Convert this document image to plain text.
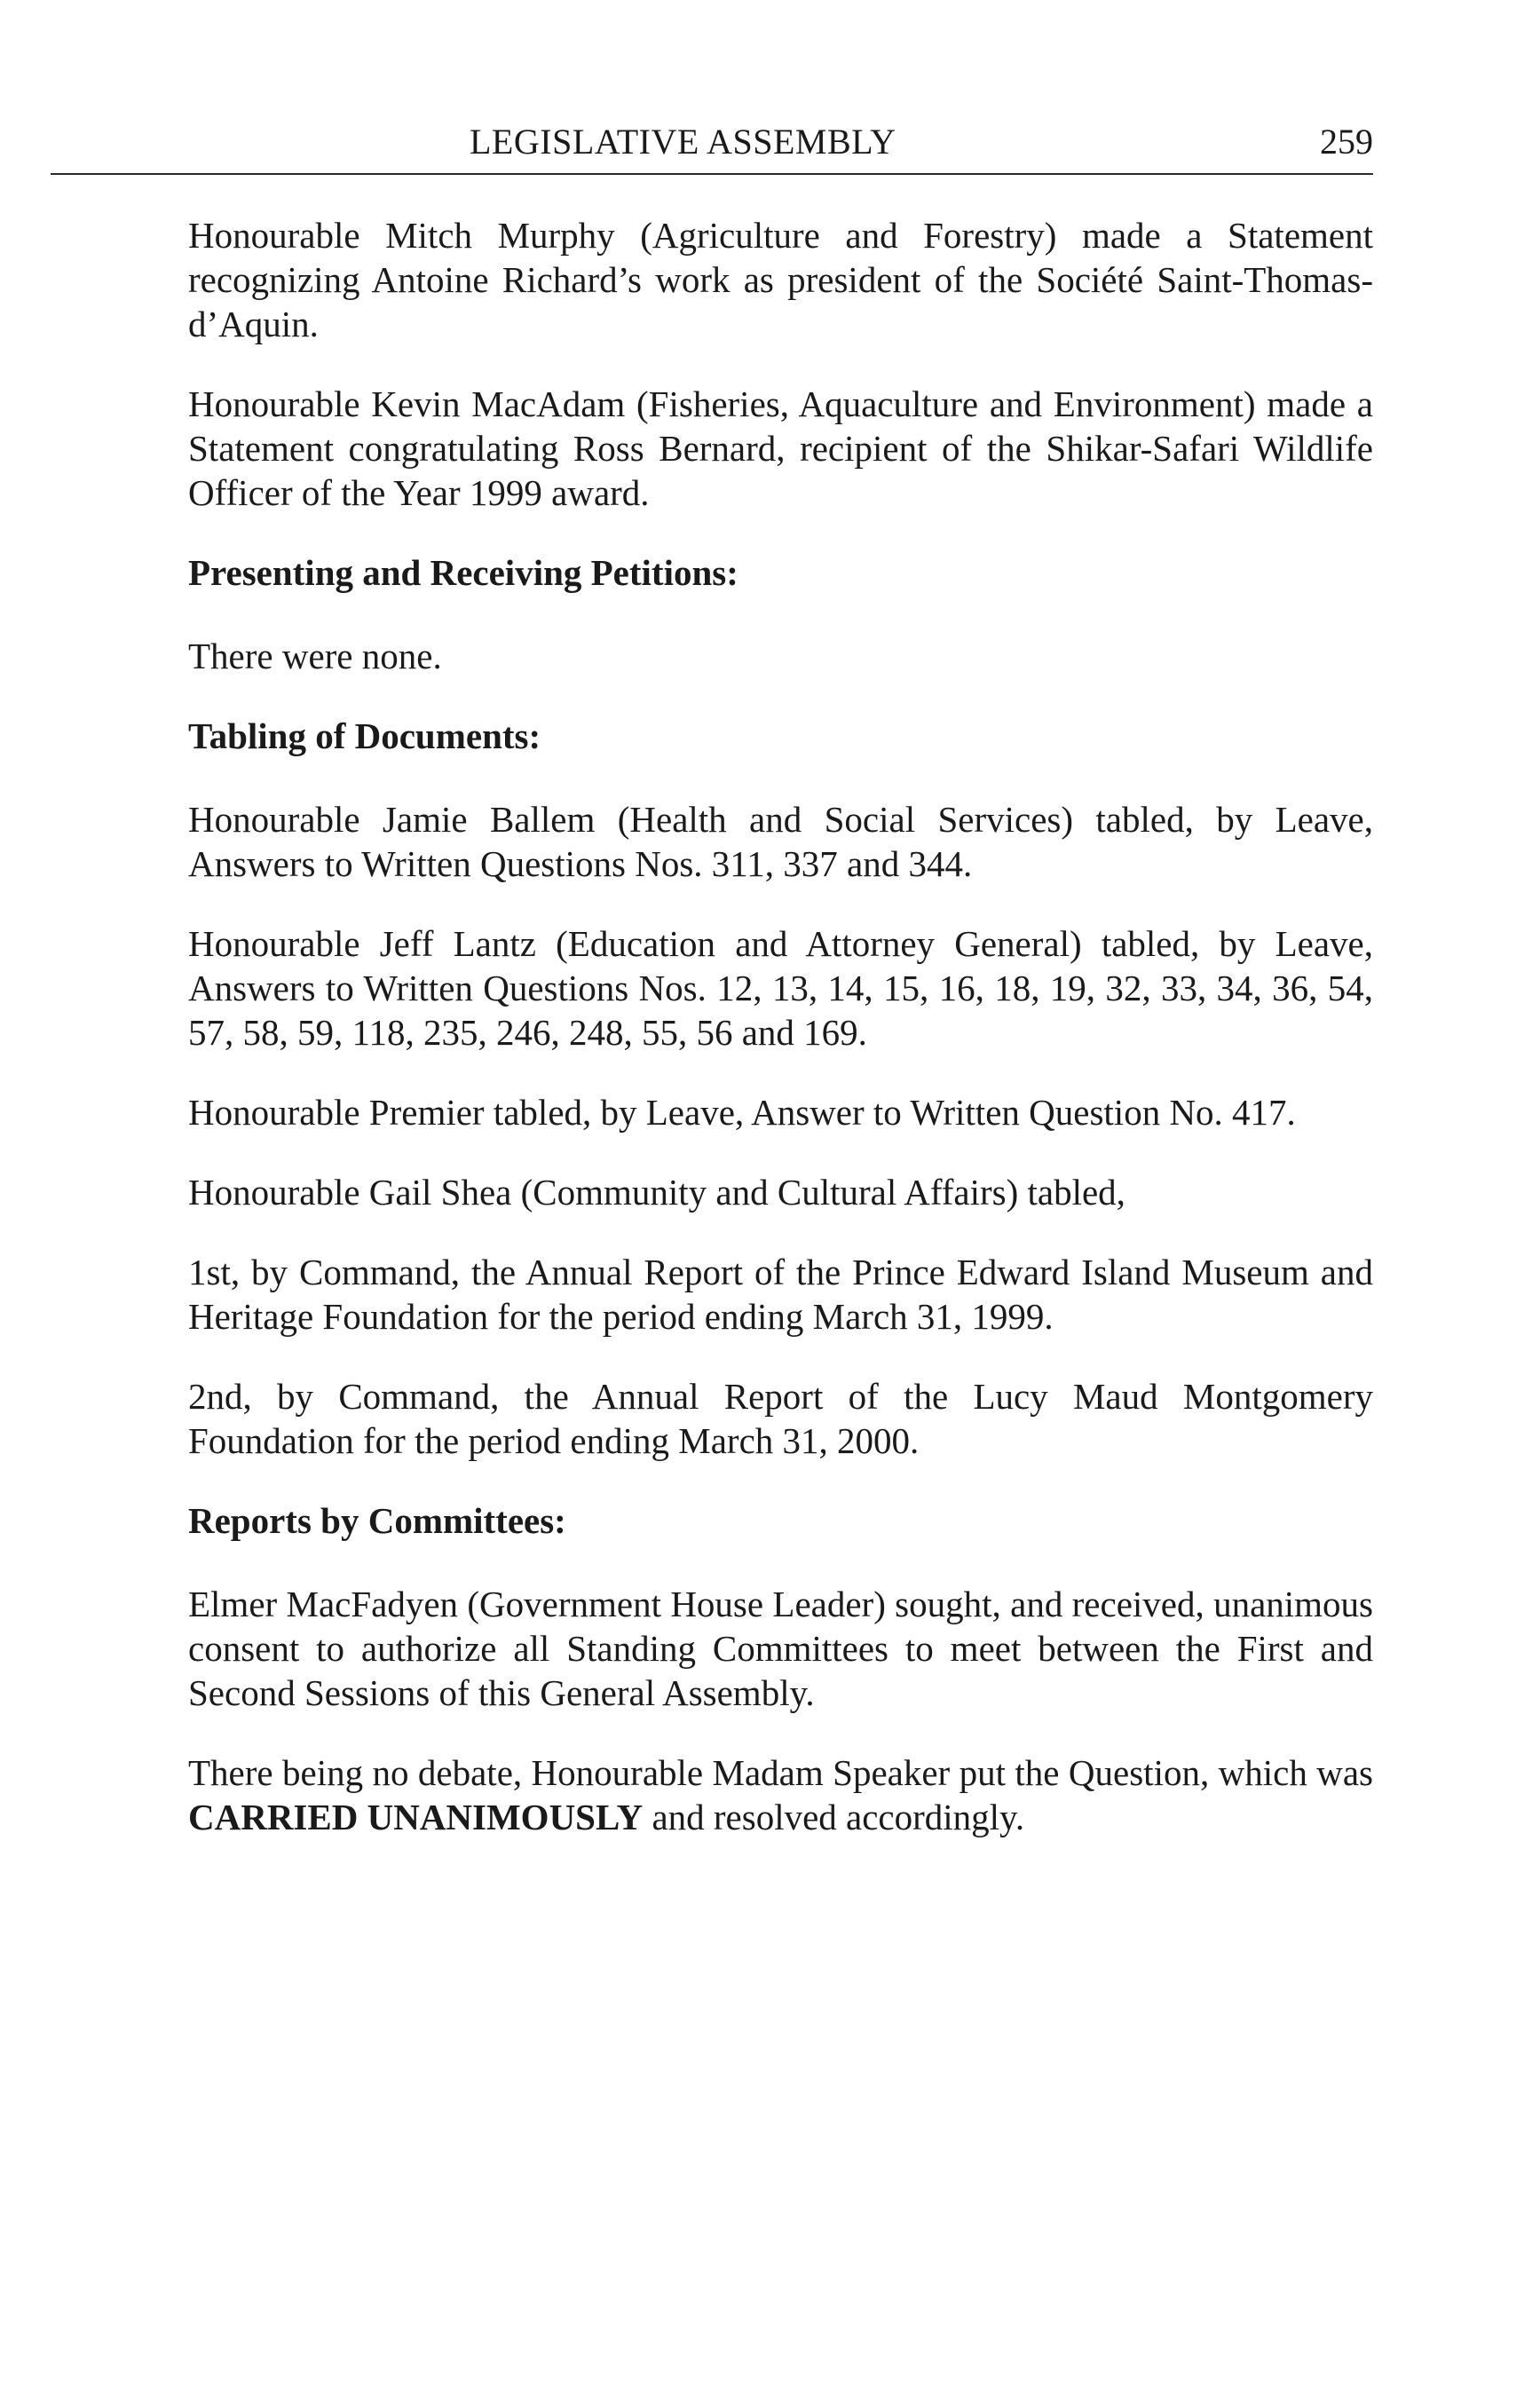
LEGISLATIVE ASSEMBLY	259

Honourable Mitch Murphy (Agriculture and Forestry) made a Statement recognizing Antoine Richard’s work as president of the Société Saint-Thomas-d’Aquin.

Honourable Kevin MacAdam (Fisheries, Aquaculture and Environment) made a Statement congratulating Ross Bernard, recipient of the Shikar-Safari Wildlife Officer of the Year 1999 award.

Presenting and Receiving Petitions:

There were none.

Tabling of Documents:

Honourable Jamie Ballem (Health and Social Services) tabled, by Leave, Answers to Written Questions Nos. 311, 337 and 344.

Honourable Jeff Lantz (Education and Attorney General) tabled, by Leave, Answers to Written Questions Nos. 12, 13, 14, 15, 16, 18, 19, 32, 33, 34, 36, 54, 57, 58, 59, 118, 235, 246, 248, 55, 56 and 169.

Honourable Premier tabled, by Leave, Answer to Written Question No. 417.

Honourable Gail Shea (Community and Cultural Affairs) tabled,

1st, by Command, the Annual Report of the Prince Edward Island Museum and Heritage Foundation for the period ending March 31, 1999.

2nd, by Command, the Annual Report of the Lucy Maud Montgomery Foundation for the period ending March 31, 2000.

Reports by Committees:

Elmer MacFadyen (Government House Leader) sought, and received, unanimous consent to authorize all Standing Committees to meet between the First and Second Sessions of this General Assembly.

There being no debate, Honourable Madam Speaker put the Question, which was CARRIED UNANIMOUSLY and resolved accordingly.
